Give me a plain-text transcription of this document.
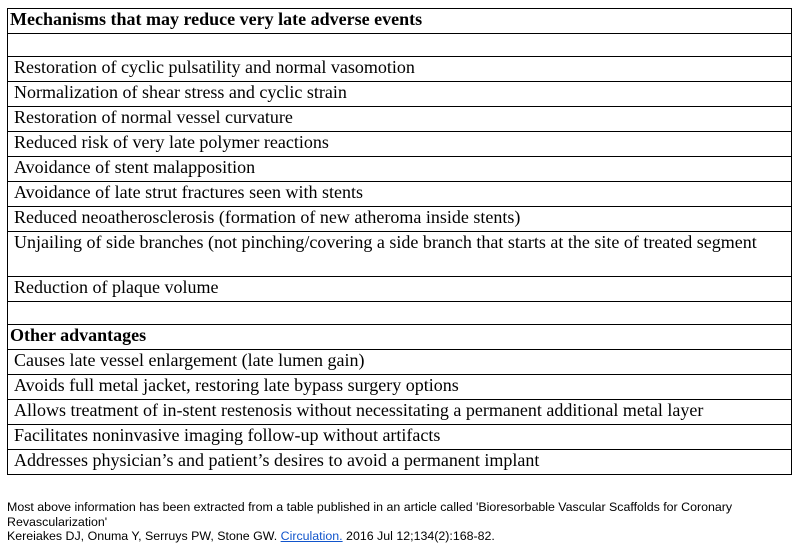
Mechanisms that may reduce very late adverse events

Restoration of cyclic pulsatility and normal vasomotion

Normalization of shear stress and cyclic strain

Restoration of normal vessel curvature

Reduced risk of very late polymer reactions

Avoidance of stent malapposition

Avoidance of late strut fractures seen with stents

Reduced neoatherosclerosis (formation of new atheroma inside stents)

Unjailing of side branches (not pinching/covering a side branch that starts at the site of treated segment

Reduction of plaque volume

Other advantages

Causes late vessel enlargement (late lumen gain)

Avoids full metal jacket, restoring late bypass surgery options

Allows treatment of in-stent restenosis without necessitating a permanent additional metal layer

Facilitates noninvasive imaging follow-up without artifacts

Addresses physician’s and patient’s desires to avoid a permanent implant
Most above information has been extracted from a table published in an article called 'Bioresorbable Vascular Scaffolds for Coronary Revascularization'
Kereiakes DJ, Onuma Y, Serruys PW, Stone GW. Circulation. 2016 Jul 12;134(2):168-82.
